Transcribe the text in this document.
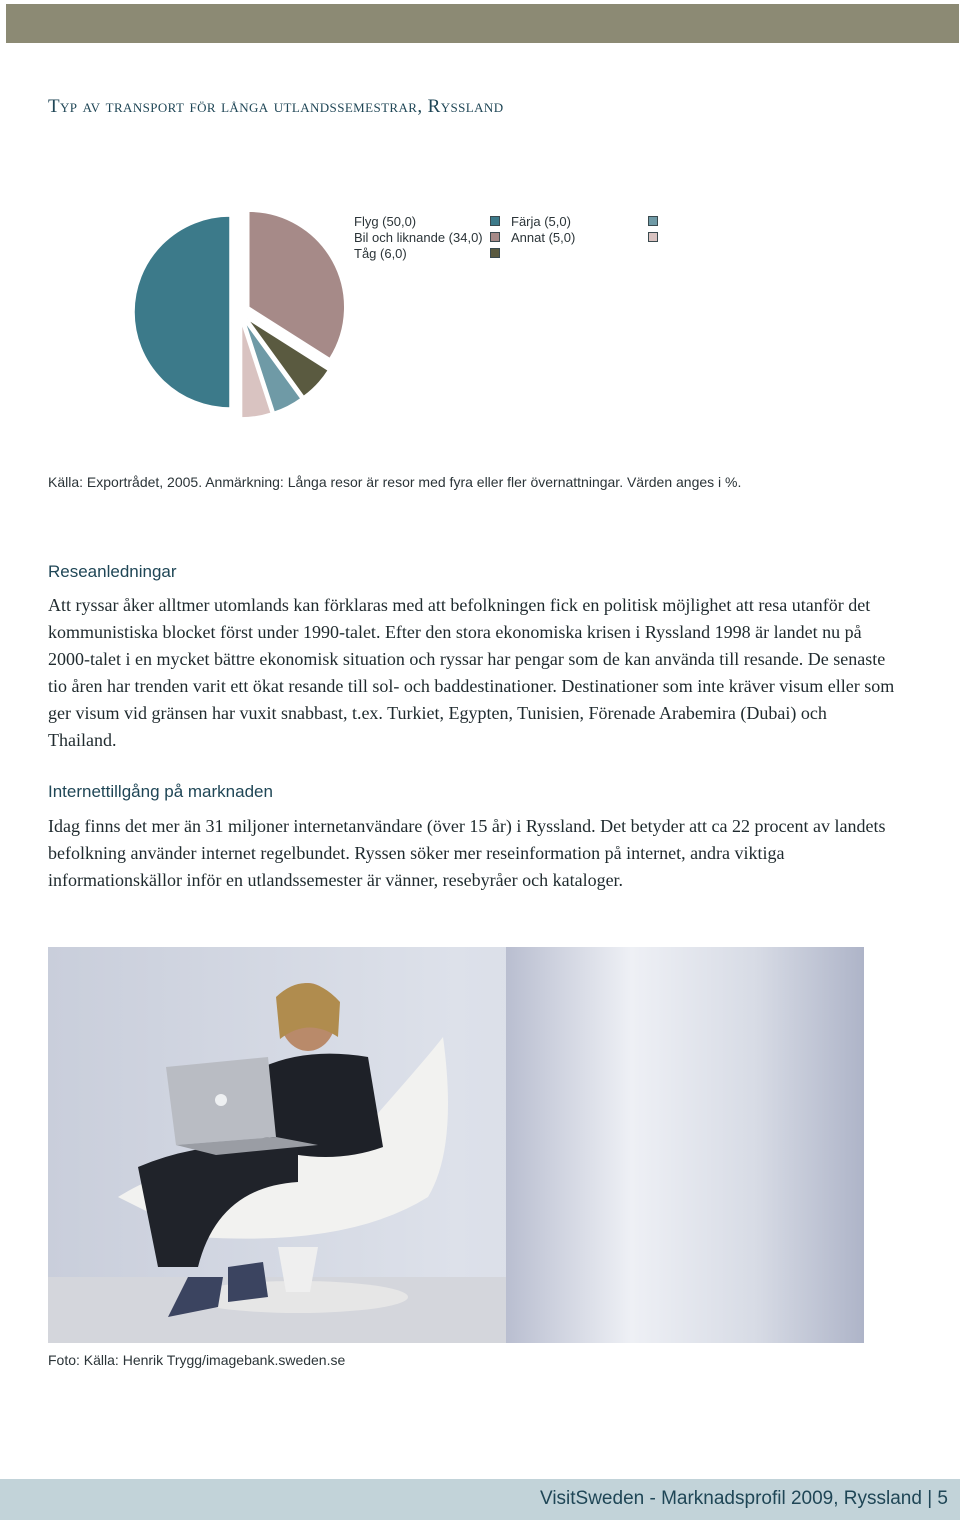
Typ av transport för långa utlandssemestrar, Ryssland
Flyg (50,0)
Bil och liknande (34,0)
Tåg (6,0)
Färja (5,0)
Annat (5,0)
Källa: Exportrådet, 2005. Anmärkning: Långa resor är resor med fyra eller fler övernattningar. Värden anges i %.
Reseanledningar
Att ryssar åker alltmer utomlands kan förklaras med att befolkningen fick en politisk möjlighet att resa utanför det kommunistiska blocket först under 1990-talet. Efter den stora ekonomiska krisen i Ryssland 1998 är landet nu på 2000-talet i en mycket bättre ekonomisk situation och ryssar har pengar som de kan använda till resande. De senaste tio åren har trenden varit ett ökat resande till sol- och baddestinationer. Destinationer som inte kräver visum eller som ger visum vid gränsen har vuxit snabbast, t.ex. Turkiet, Egypten, Tunisien, Förenade Arabemira (Dubai) och Thailand.
Internettillgång på marknaden
Idag finns det mer än 31 miljoner internetanvändare (över 15 år) i Ryssland. Det betyder att ca 22 procent av landets befolkning använder internet regelbundet. Ryssen söker mer reseinformation på internet, andra viktiga informationskällor inför en utlandssemester är vänner, resebyråer och kataloger.
Foto: Källa: Henrik Trygg/imagebank.sweden.se
VisitSweden - Marknadsprofil 2009, Ryssland | 5
